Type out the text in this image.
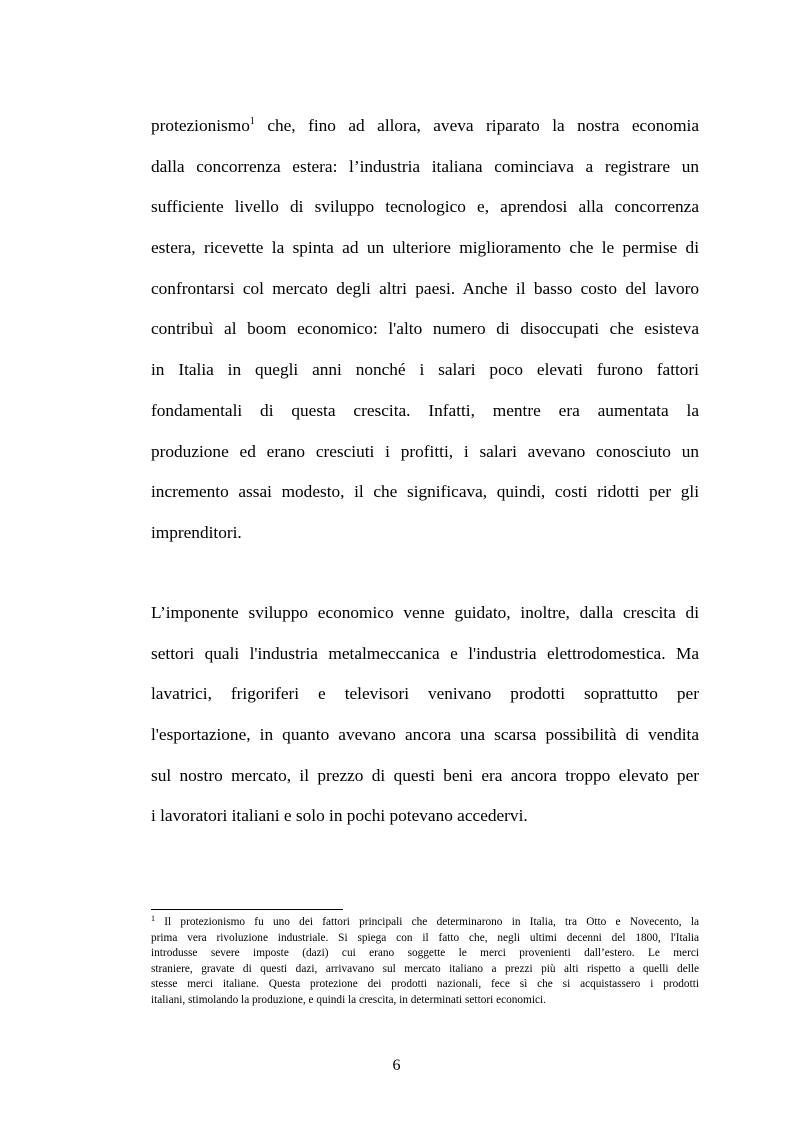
protezionismo$^1$ che, fino ad allora, aveva riparato la nostra economia
dalla concorrenza estera: l’industria italiana cominciava a registrare un
sufficiente livello di sviluppo tecnologico e, aprendosi alla concorrenza
estera, ricevette la spinta ad un ulteriore miglioramento che le permise di
confrontarsi col mercato degli altri paesi. Anche il basso costo del lavoro
contribuì al boom economico: l'alto numero di disoccupati che esisteva
in Italia in quegli anni nonché i salari poco elevati furono fattori
fondamentali di questa crescita. Infatti, mentre era aumentata la
produzione ed erano cresciuti i profitti, i salari avevano conosciuto un
incremento assai modesto, il che significava, quindi, costi ridotti per gli
imprenditori.
L’imponente sviluppo economico venne guidato, inoltre, dalla crescita di
settori quali l'industria metalmeccanica e l'industria elettrodomestica. Ma
lavatrici, frigoriferi e televisori venivano prodotti soprattutto per
l'esportazione, in quanto avevano ancora una scarsa possibilità di vendita
sul nostro mercato, il prezzo di questi beni era ancora troppo elevato per
i lavoratori italiani e solo in pochi potevano accedervi.
$^1$ Il protezionismo fu uno dei fattori principali che determinarono in Italia, tra Otto e Novecento, la
prima vera rivoluzione industriale. Si spiega con il fatto che, negli ultimi decenni del 1800, l'Italia
introdusse severe imposte (dazi) cui erano soggette le merci provenienti dall’estero. Le merci
straniere, gravate di questi dazi, arrivavano sul mercato italiano a prezzi più alti rispetto a quelli delle
stesse merci italiane. Questa protezione dei prodotti nazionali, fece sì che si acquistassero i prodotti
italiani, stimolando la produzione, e quindi la crescita, in determinati settori economici.
6
